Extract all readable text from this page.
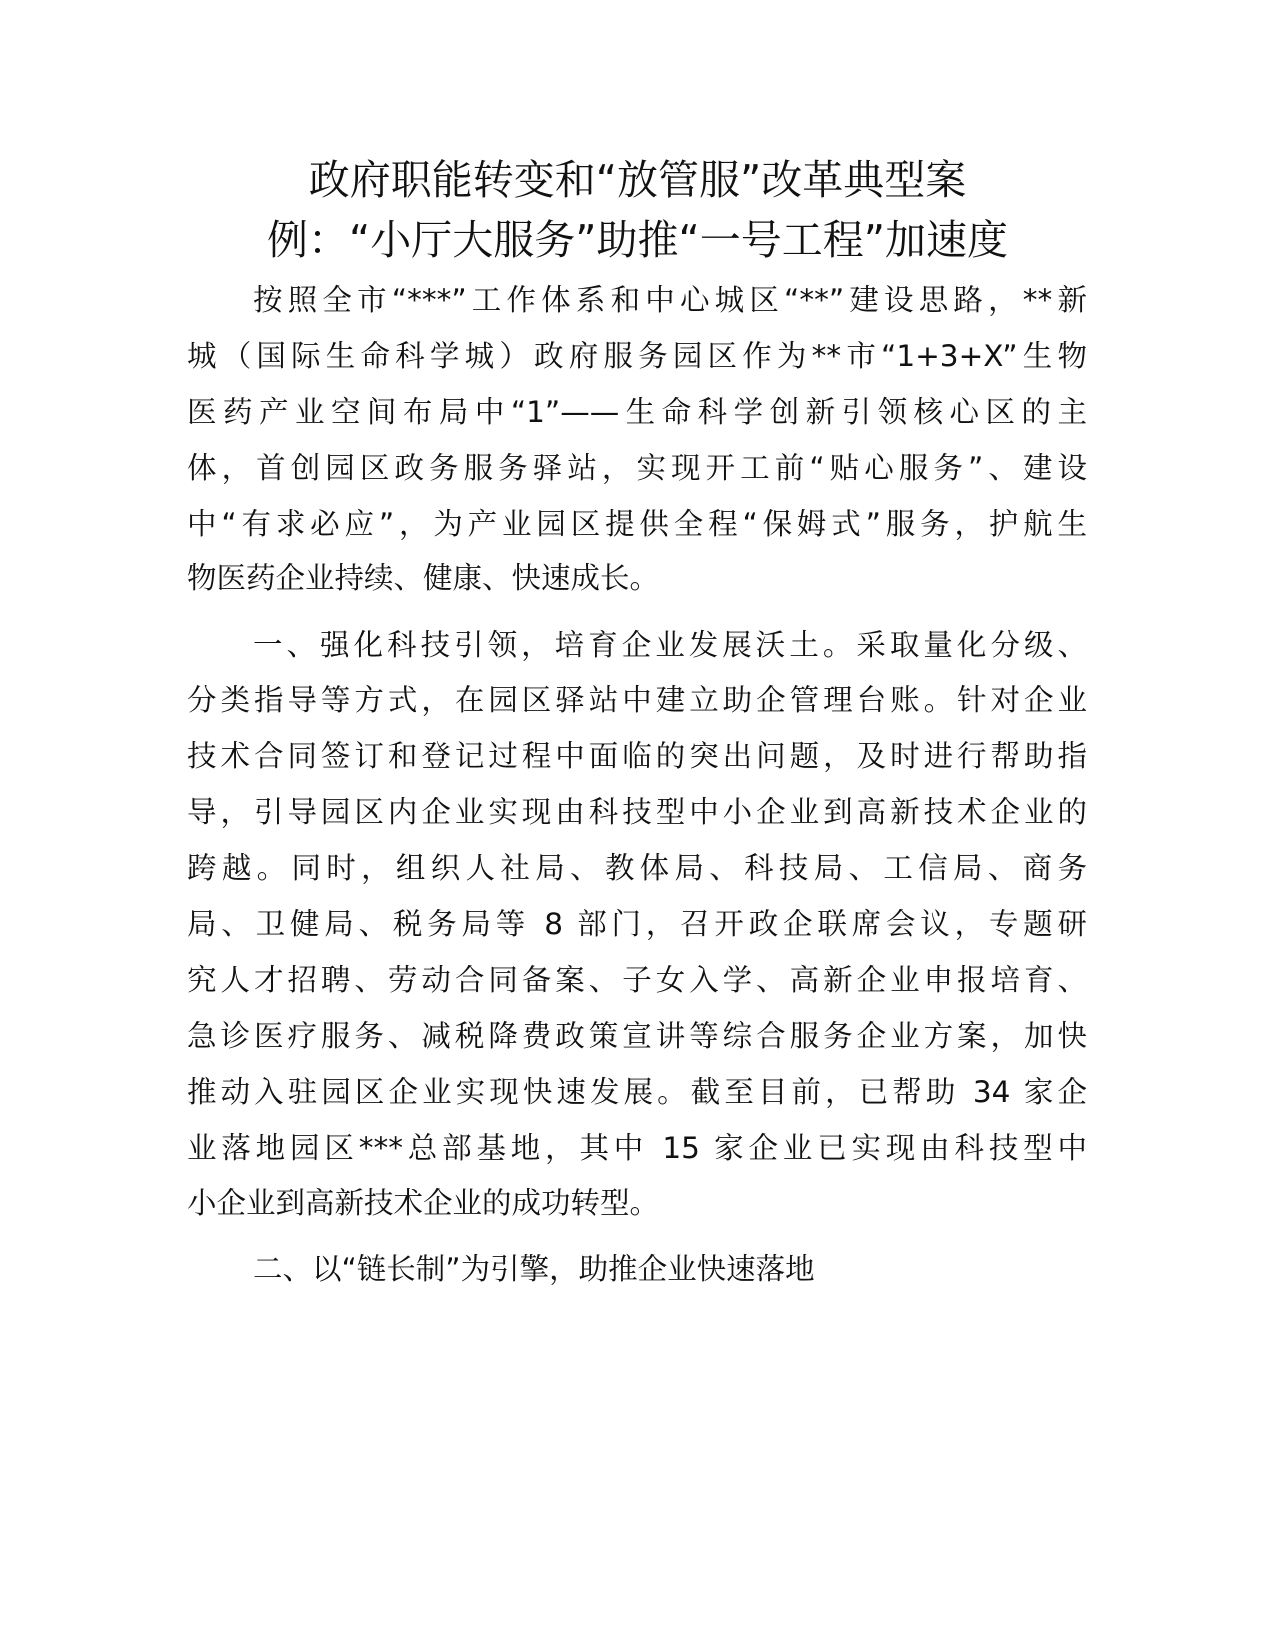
政府职能转变和“放管服”改革典型案
例：“小厅大服务”助推“一号工程”加速度

按照全市“***”工作体系和中心城区“**”建设思路，**新

城（国际生命科学城）政府服务园区作为**市“1+3+X”生物

医药产业空间布局中“1”——生命科学创新引领核心区的主

体，首创园区政务服务驿站，实现开工前“贴心服务”、建设

中“有求必应”，为产业园区提供全程“保姆式”服务，护航生

物医药企业持续、健康、快速成长。

一、强化科技引领，培育企业发展沃土。采取量化分级、

分类指导等方式，在园区驿站中建立助企管理台账。针对企业

技术合同签订和登记过程中面临的突出问题，及时进行帮助指

导，引导园区内企业实现由科技型中小企业到高新技术企业的

跨越。同时，组织人社局、教体局、科技局、工信局、商务

局、卫健局、税务局等 8 部门，召开政企联席会议，专题研

究人才招聘、劳动合同备案、子女入学、高新企业申报培育、

急诊医疗服务、减税降费政策宣讲等综合服务企业方案，加快

推动入驻园区企业实现快速发展。截至目前，已帮助 34 家企

业落地园区***总部基地，其中 15 家企业已实现由科技型中

小企业到高新技术企业的成功转型。

二、以“链长制”为引擎，助推企业快速落地
